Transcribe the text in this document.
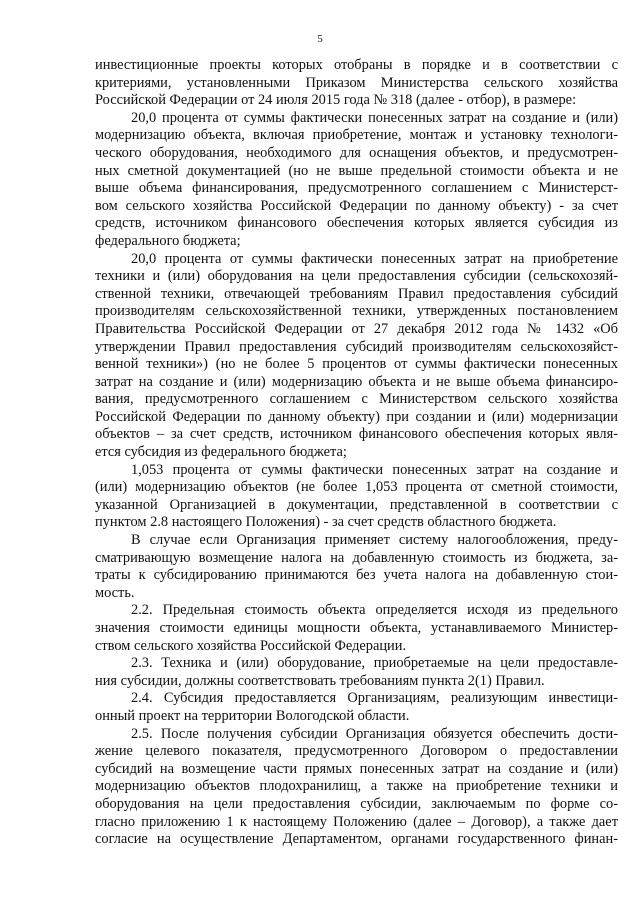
5
инвестиционные проекты которых отобраны в порядке и в соответствии с
критериями, установленными Приказом Министерства сельского хозяйства
Российской Федерации от 24 июля 2015 года № 318 (далее - отбор), в размере:
20,0 процента от суммы фактически понесенных затрат на создание и (или)
модернизацию объекта, включая приобретение, монтаж и установку технологи-
ческого оборудования, необходимого для оснащения объектов, и предусмотрен-
ных сметной документацией (но не выше предельной стоимости объекта и не
выше объема финансирования, предусмотренного соглашением с Министерст-
вом сельского хозяйства Российской Федерации по данному объекту) - за счет
средств, источником финансового обеспечения которых является субсидия из
федерального бюджета;
20,0 процента от суммы фактически понесенных затрат на приобретение
техники и (или) оборудования на цели предоставления субсидии (сельскохозяй-
ственной техники, отвечающей требованиям Правил предоставления субсидий
производителям сельскохозяйственной техники, утвержденных постановлением
Правительства Российской Федерации от 27 декабря 2012 года № 1432 «Об
утверждении Правил предоставления субсидий производителям сельскохозяйст-
венной техники») (но не более 5 процентов от суммы фактически понесенных
затрат на создание и (или) модернизацию объекта и не выше объема финансиро-
вания, предусмотренного соглашением с Министерством сельского хозяйства
Российской Федерации по данному объекту) при создании и (или) модернизации
объектов – за счет средств, источником финансового обеспечения которых явля-
ется субсидия из федерального бюджета;
1,053 процента от суммы фактически понесенных затрат на создание и
(или) модернизацию объектов (не более 1,053 процента от сметной стоимости,
указанной Организацией в документации, представленной в соответствии с
пунктом 2.8 настоящего Положения) - за счет средств областного бюджета.
В случае если Организация применяет систему налогообложения, преду-
сматривающую возмещение налога на добавленную стоимость из бюджета, за-
траты к субсидированию принимаются без учета налога на добавленную стои-
мость.
2.2. Предельная стоимость объекта определяется исходя из предельного
значения стоимости единицы мощности объекта, устанавливаемого Министер-
ством сельского хозяйства Российской Федерации.
2.3. Техника и (или) оборудование, приобретаемые на цели предоставле-
ния субсидии, должны соответствовать требованиям пункта 2(1) Правил.
2.4. Субсидия предоставляется Организациям, реализующим инвестици-
онный проект на территории Вологодской области.
2.5. После получения субсидии Организация обязуется обеспечить дости-
жение целевого показателя, предусмотренного Договором о предоставлении
субсидий на возмещение части прямых понесенных затрат на создание и (или)
модернизацию объектов плодохранилищ, а также на приобретение техники и
оборудования на цели предоставления субсидии, заключаемым по форме со-
гласно приложению 1 к настоящему Положению (далее – Договор), а также дает
согласие на осуществление Департаментом, органами государственного финан-
